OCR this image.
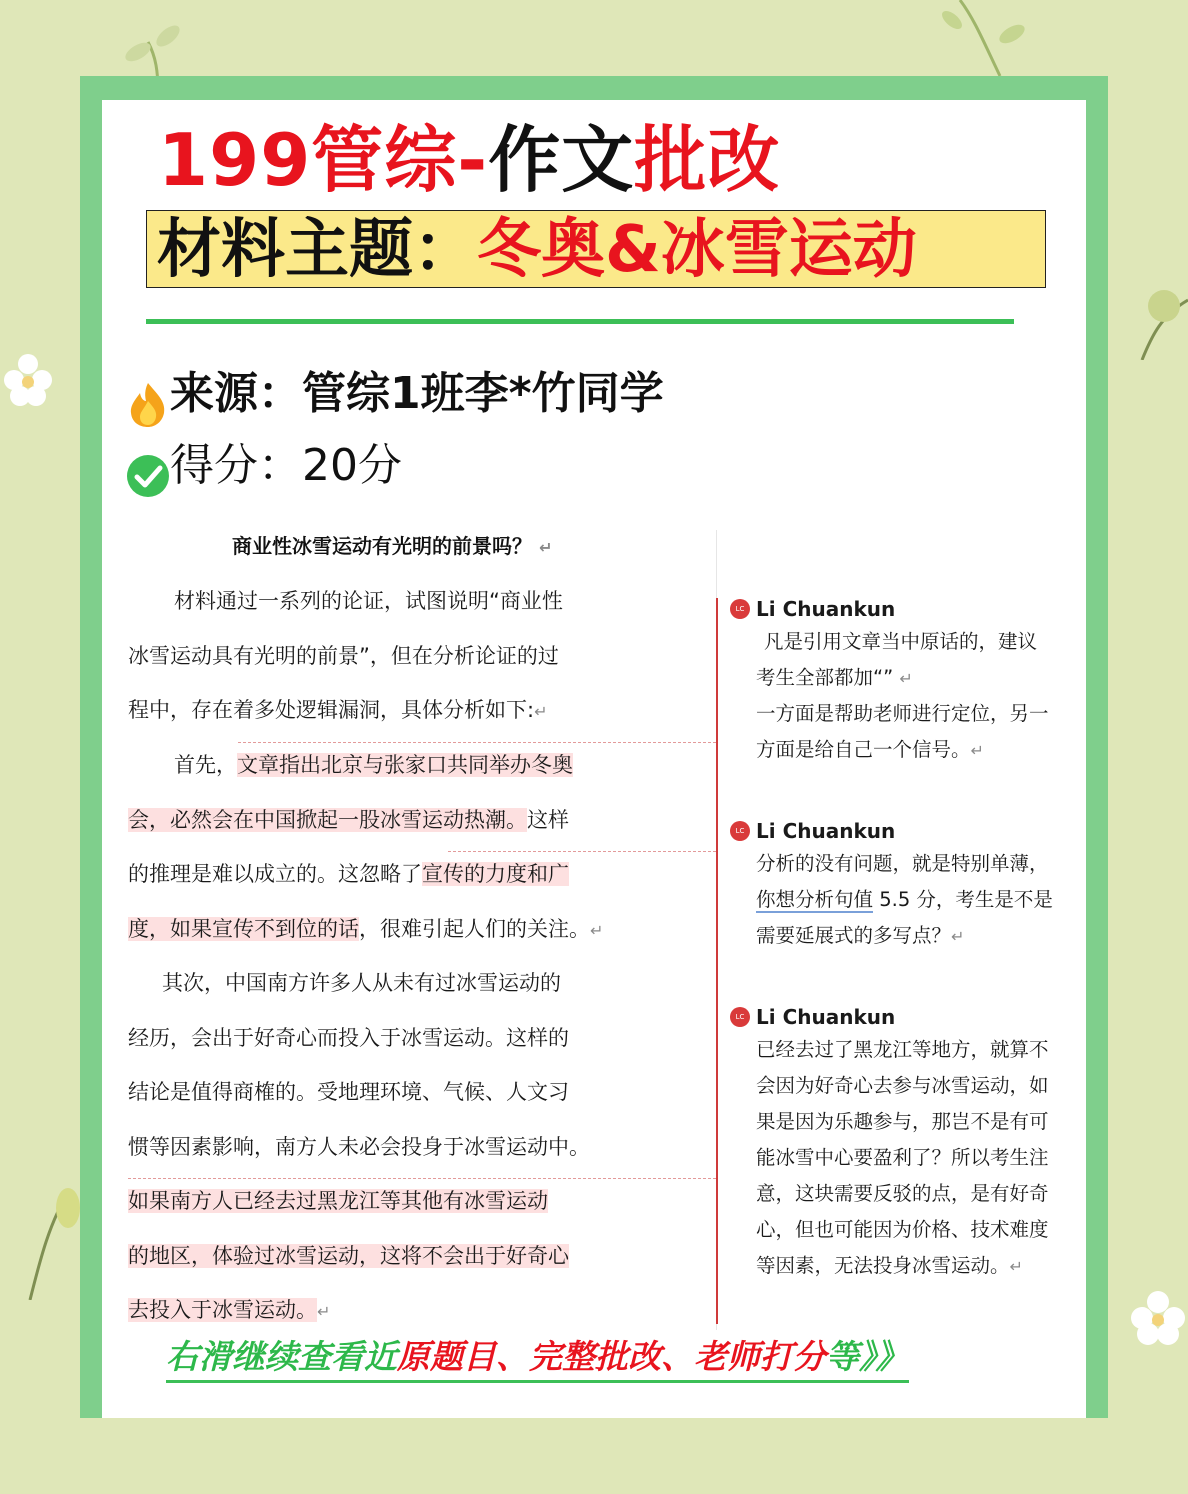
199管综-作文批改
材料主题：冬奥&冰雪运动
来源：管综1班李*竹同学
得分：20分
商业性冰雪运动有光明的前景吗？ ↵
材料通过一系列的论证，试图说明“商业性
冰雪运动具有光明的前景”，但在分析论证的过
程中，存在着多处逻辑漏洞，具体分析如下:↵
首先，文章指出北京与张家口共同举办冬奥
会，必然会在中国掀起一股冰雪运动热潮。这样
的推理是难以成立的。这忽略了宣传的力度和广
度，如果宣传不到位的话，很难引起人们的关注。↵
其次，中国南方许多人从未有过冰雪运动的
经历，会出于好奇心而投入于冰雪运动。这样的
结论是值得商榷的。受地理环境、气候、人文习
惯等因素影响，南方人未必会投身于冰雪运动中。
如果南方人已经去过黑龙江等其他有冰雪运动
的地区，体验过冰雪运动，这将不会出于好奇心
去投入于冰雪运动。↵
LC Li Chuankun
凡是引用文章当中原话的，建议
考生全部都加“” ↵
一方面是帮助老师进行定位，另一
方面是给自己一个信号。↵
LC Li Chuankun
分析的没有问题，就是特别单薄，
你想分析句值 5.5 分，考生是不是
需要延展式的多写点？↵
LC Li Chuankun
已经去过了黑龙江等地方，就算不
会因为好奇心去参与冰雪运动，如
果是因为乐趣参与，那岂不是有可
能冰雪中心要盈利了？所以考生注
意，这块需要反驳的点，是有好奇
心，但也可能因为价格、技术难度
等因素，无法投身冰雪运动。↵
右滑继续查看近原题目、完整批改、老师打分等》》
